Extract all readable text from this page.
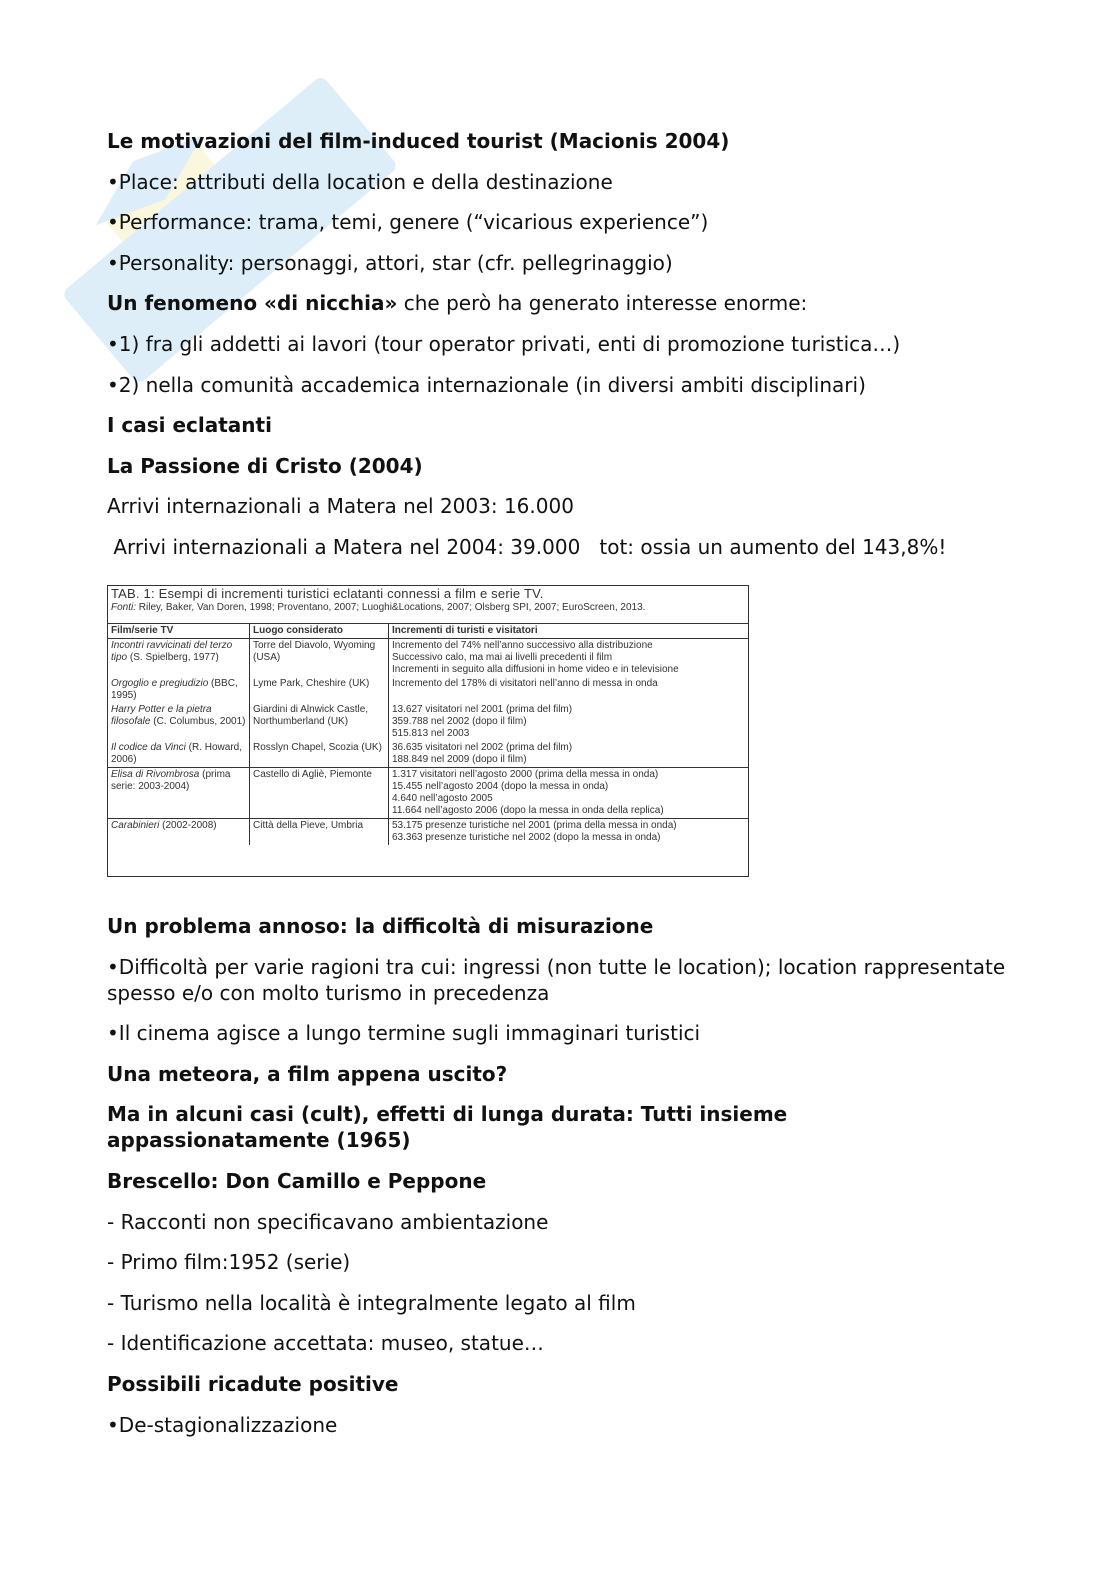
Le motivazioni del film-induced tourist (Macionis 2004)
•Place: attributi della location e della destinazione
•Performance: trama, temi, genere (“vicarious experience”)
•Personality: personaggi, attori, star (cfr. pellegrinaggio)
Un fenomeno «di nicchia» che però ha generato interesse enorme:
•1) fra gli addetti ai lavori (tour operator privati, enti di promozione turistica…)
•2) nella comunità accademica internazionale (in diversi ambiti disciplinari)
I casi eclatanti
La Passione di Cristo (2004)
Arrivi internazionali a Matera nel 2003: 16.000
Arrivi internazionali a Matera nel 2004: 39.000   tot: ossia un aumento del 143,8%!
TAB. 1: Esempi di incrementi turistici eclatanti connessi a film e serie TV.
Fonti: Riley, Baker, Van Doren, 1998; Proventano, 2007; Luoghi&Locations, 2007; Olsberg SPI, 2007; EuroScreen, 2013.
Film/serie TV	Luogo considerato	Incrementi di turisti e visitatori
Incontri ravvicinati del terzo tipo (S. Spielberg, 1977)	Torre del Diavolo, Wyoming (USA)	Incremento del 74% nell’anno successivo alla distribuzione
Successivo calo, ma mai ai livelli precedenti il film
Incrementi in seguito alla diffusioni in home video e in televisione

Orgoglio e pregiudizio (BBC, 1995)	Lyme Park, Cheshire (UK)	Incremento del 178% di visitatori nell’anno di messa in onda

Harry Potter e la pietra filosofale (C. Columbus, 2001)	Giardini di Alnwick Castle, Northumberland (UK)	13.627 visitatori nel 2001 (prima del film)
359.788 nel 2002 (dopo il film)
515.813 nel 2003

Il codice da Vinci (R. Howard, 2006)	Rosslyn Chapel, Scozia (UK)	36.635 visitatori nel 2002 (prima del film)
188.849 nel 2009 (dopo il film)

Elisa di Rivombrosa (prima serie: 2003-2004)	Castello di Agliè, Piemonte	1.317 visitatori nell’agosto 2000 (prima della messa in onda)
15.455 nell’agosto 2004 (dopo la messa in onda)
4.640 nell’agosto 2005
11.664 nell’agosto 2006 (dopo la messa in onda della replica)

Carabinieri (2002-2008)	Città della Pieve, Umbria	53.175 presenze turistiche nel 2001 (prima della messa in onda)
63.363 presenze turistiche nel 2002 (dopo la messa in onda)
Un problema annoso: la difficoltà di misurazione
•Difficoltà per varie ragioni tra cui: ingressi (non tutte le location); location rappresentate spesso e/o con molto turismo in precedenza
•Il cinema agisce a lungo termine sugli immaginari turistici
Una meteora, a film appena uscito?
Ma in alcuni casi (cult), effetti di lunga durata: Tutti insieme appassionatamente (1965)
Brescello: Don Camillo e Peppone
- Racconti non specificavano ambientazione
- Primo film:1952 (serie)
- Turismo nella località è integralmente legato al film
- Identificazione accettata: museo, statue…
Possibili ricadute positive
•De-stagionalizzazione
